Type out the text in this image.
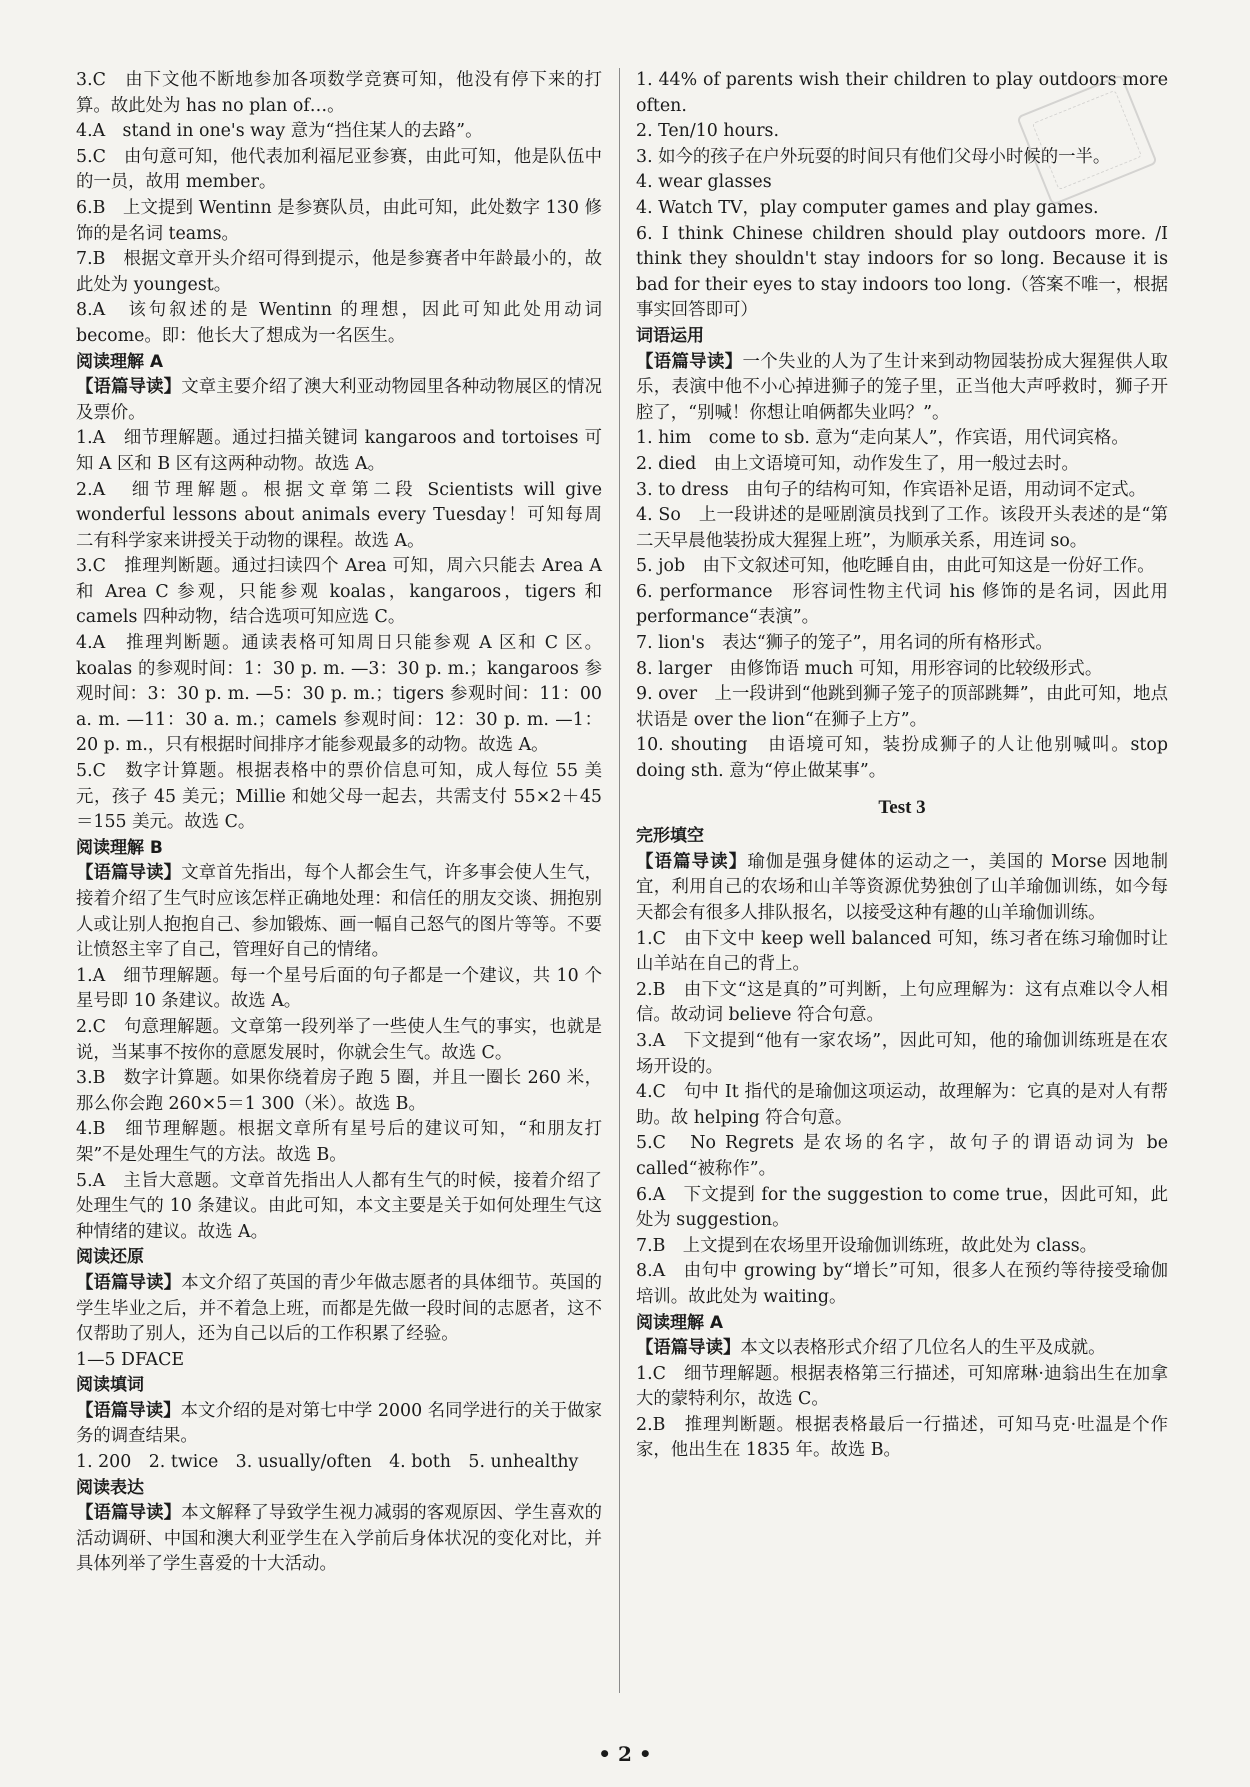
3.C　由下文他不断地参加各项数学竞赛可知，他没有停下来的打算。故此处为 has no plan of…。

4.A　stand in one's way 意为“挡住某人的去路”。

5.C　由句意可知，他代表加利福尼亚参赛，由此可知，他是队伍中的一员，故用 member。

6.B　上文提到 Wentinn 是参赛队员，由此可知，此处数字 130 修饰的是名词 teams。

7.B　根据文章开头介绍可得到提示，他是参赛者中年龄最小的，故此处为 youngest。

8.A　该句叙述的是 Wentinn 的理想，因此可知此处用动词 become。即：他长大了想成为一名医生。

阅读理解 A

【语篇导读】文章主要介绍了澳大利亚动物园里各种动物展区的情况及票价。

1.A　细节理解题。通过扫描关键词 kangaroos and tortoises 可知 A 区和 B 区有这两种动物。故选 A。

2.A　细节理解题。根据文章第二段 Scientists will give wonderful lessons about animals every Tuesday！可知每周二有科学家来讲授关于动物的课程。故选 A。

3.C　推理判断题。通过扫读四个 Area 可知，周六只能去 Area A 和 Area C 参观，只能参观 koalas，kangaroos，tigers 和 camels 四种动物，结合选项可知应选 C。

4.A　推理判断题。通读表格可知周日只能参观 A 区和 C 区。koalas 的参观时间：1：30 p. m. —3：30 p. m.；kangaroos 参观时间：3：30 p. m. —5：30 p. m.；tigers 参观时间：11：00 a. m. —11：30 a. m.；camels 参观时间：12：30 p. m. —1：20 p. m.，只有根据时间排序才能参观最多的动物。故选 A。

5.C　数字计算题。根据表格中的票价信息可知，成人每位 55 美元，孩子 45 美元；Millie 和她父母一起去，共需支付 55×2＋45＝155 美元。故选 C。

阅读理解 B

【语篇导读】文章首先指出，每个人都会生气，许多事会使人生气，接着介绍了生气时应该怎样正确地处理：和信任的朋友交谈、拥抱别人或让别人抱抱自己、参加锻炼、画一幅自己怒气的图片等等。不要让愤怒主宰了自己，管理好自己的情绪。

1.A　细节理解题。每一个星号后面的句子都是一个建议，共 10 个星号即 10 条建议。故选 A。

2.C　句意理解题。文章第一段列举了一些使人生气的事实，也就是说，当某事不按你的意愿发展时，你就会生气。故选 C。

3.B　数字计算题。如果你绕着房子跑 5 圈，并且一圈长 260 米，那么你会跑 260×5＝1 300（米）。故选 B。

4.B　细节理解题。根据文章所有星号后的建议可知，“和朋友打架”不是处理生气的方法。故选 B。

5.A　主旨大意题。文章首先指出人人都有生气的时候，接着介绍了处理生气的 10 条建议。由此可知，本文主要是关于如何处理生气这种情绪的建议。故选 A。

阅读还原

【语篇导读】本文介绍了英国的青少年做志愿者的具体细节。英国的学生毕业之后，并不着急上班，而都是先做一段时间的志愿者，这不仅帮助了别人，还为自己以后的工作积累了经验。

1—5 DFACE

阅读填词

【语篇导读】本文介绍的是对第七中学 2000 名同学进行的关于做家务的调查结果。

1. 200　2. twice　3. usually/often　4. both　5. unhealthy

阅读表达

【语篇导读】本文解释了导致学生视力减弱的客观原因、学生喜欢的活动调研、中国和澳大利亚学生在入学前后身体状况的变化对比，并具体列举了学生喜爱的十大活动。

1. 44% of parents wish their children to play outdoors more often.

2. Ten/10 hours.

3. 如今的孩子在户外玩耍的时间只有他们父母小时候的一半。

4. wear glasses

4. Watch TV，play computer games and play games.

6. I think Chinese children should play outdoors more. /I think they shouldn't stay indoors for so long. Because it is bad for their eyes to stay indoors too long.（答案不唯一，根据事实回答即可）

词语运用

【语篇导读】一个失业的人为了生计来到动物园装扮成大猩猩供人取乐，表演中他不小心掉进狮子的笼子里，正当他大声呼救时，狮子开腔了，“别喊！你想让咱俩都失业吗？”。

1. him　come to sb. 意为“走向某人”，作宾语，用代词宾格。

2. died　由上文语境可知，动作发生了，用一般过去时。

3. to dress　由句子的结构可知，作宾语补足语，用动词不定式。

4. So　上一段讲述的是哑剧演员找到了工作。该段开头表述的是“第二天早晨他装扮成大猩猩上班”，为顺承关系，用连词 so。

5. job　由下文叙述可知，他吃睡自由，由此可知这是一份好工作。

6. performance　形容词性物主代词 his 修饰的是名词，因此用 performance“表演”。

7. lion's　表达“狮子的笼子”，用名词的所有格形式。

8. larger　由修饰语 much 可知，用形容词的比较级形式。

9. over　上一段讲到“他跳到狮子笼子的顶部跳舞”，由此可知，地点状语是 over the lion“在狮子上方”。

10. shouting　由语境可知，装扮成狮子的人让他别喊叫。stop doing sth. 意为“停止做某事”。

Test 3

完形填空

【语篇导读】瑜伽是强身健体的运动之一，美国的 Morse 因地制宜，利用自己的农场和山羊等资源优势独创了山羊瑜伽训练，如今每天都会有很多人排队报名，以接受这种有趣的山羊瑜伽训练。

1.C　由下文中 keep well balanced 可知，练习者在练习瑜伽时让山羊站在自己的背上。

2.B　由下文“这是真的”可判断，上句应理解为：这有点难以令人相信。故动词 believe 符合句意。

3.A　下文提到“他有一家农场”，因此可知，他的瑜伽训练班是在农场开设的。

4.C　句中 It 指代的是瑜伽这项运动，故理解为：它真的是对人有帮助。故 helping 符合句意。

5.C　No Regrets 是农场的名字，故句子的谓语动词为 be called“被称作”。

6.A　下文提到 for the suggestion to come true，因此可知，此处为 suggestion。

7.B　上文提到在农场里开设瑜伽训练班，故此处为 class。

8.A　由句中 growing by“增长”可知，很多人在预约等待接受瑜伽培训。故此处为 waiting。

阅读理解 A

【语篇导读】本文以表格形式介绍了几位名人的生平及成就。

1.C　细节理解题。根据表格第三行描述，可知席琳·迪翁出生在加拿大的蒙特利尔，故选 C。

2.B　推理判断题。根据表格最后一行描述，可知马克·吐温是个作家，他出生在 1835 年。故选 B。

• 2 •
